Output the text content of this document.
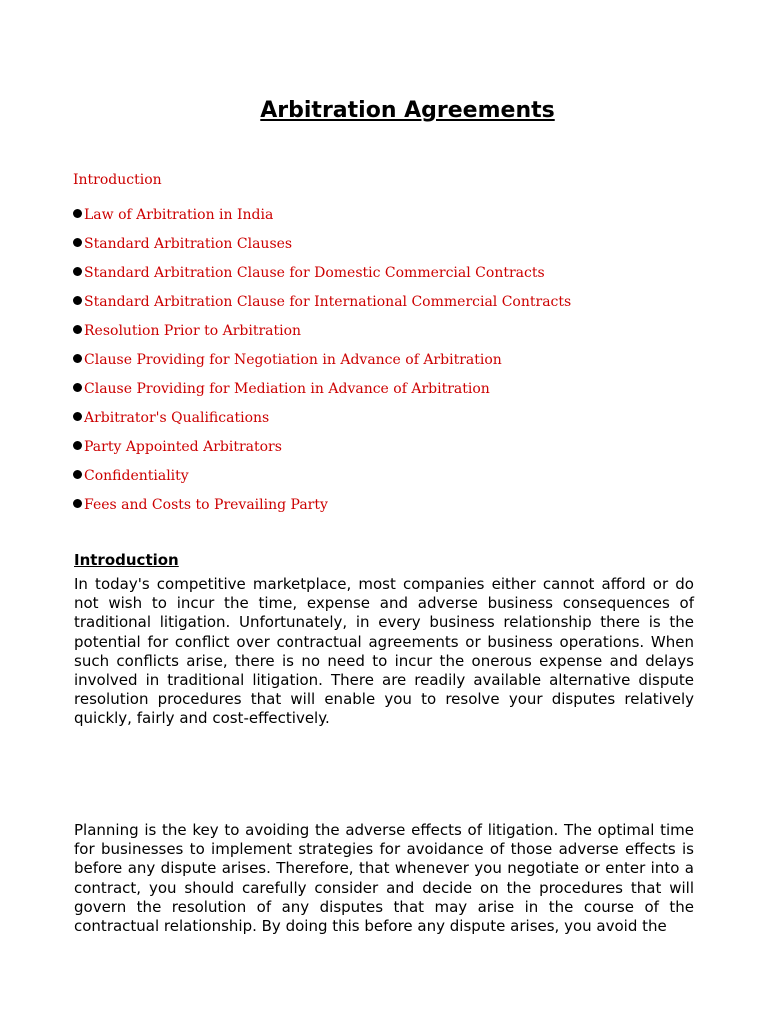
Arbitration Agreements

Introduction

Law of Arbitration in India
Standard Arbitration Clauses
Standard Arbitration Clause for Domestic Commercial Contracts
Standard Arbitration Clause for International Commercial Contracts
Resolution Prior to Arbitration
Clause Providing for Negotiation in Advance of Arbitration
Clause Providing for Mediation in Advance of Arbitration
Arbitrator's Qualifications
Party Appointed Arbitrators
Confidentiality
Fees and Costs to Prevailing Party
Introduction

In today's competitive marketplace, most companies either cannot afford or do not wish to incur the time, expense and adverse business consequences of traditional litigation. Unfortunately, in every business relationship there is the potential for conflict over contractual agreements or business operations. When such conflicts arise, there is no need to incur the onerous expense and delays involved in traditional litigation. There are readily available alternative dispute resolution procedures that will enable you to resolve your disputes relatively quickly, fairly and cost-effectively.

Planning is the key to avoiding the adverse effects of litigation. The optimal time for businesses to implement strategies for avoidance of those adverse effects is before any dispute arises. Therefore, that whenever you negotiate or enter into a contract, you should carefully consider and decide on the procedures that will govern the resolution of any disputes that may arise in the course of the contractual relationship. By doing this before any dispute arises, you avoid the
